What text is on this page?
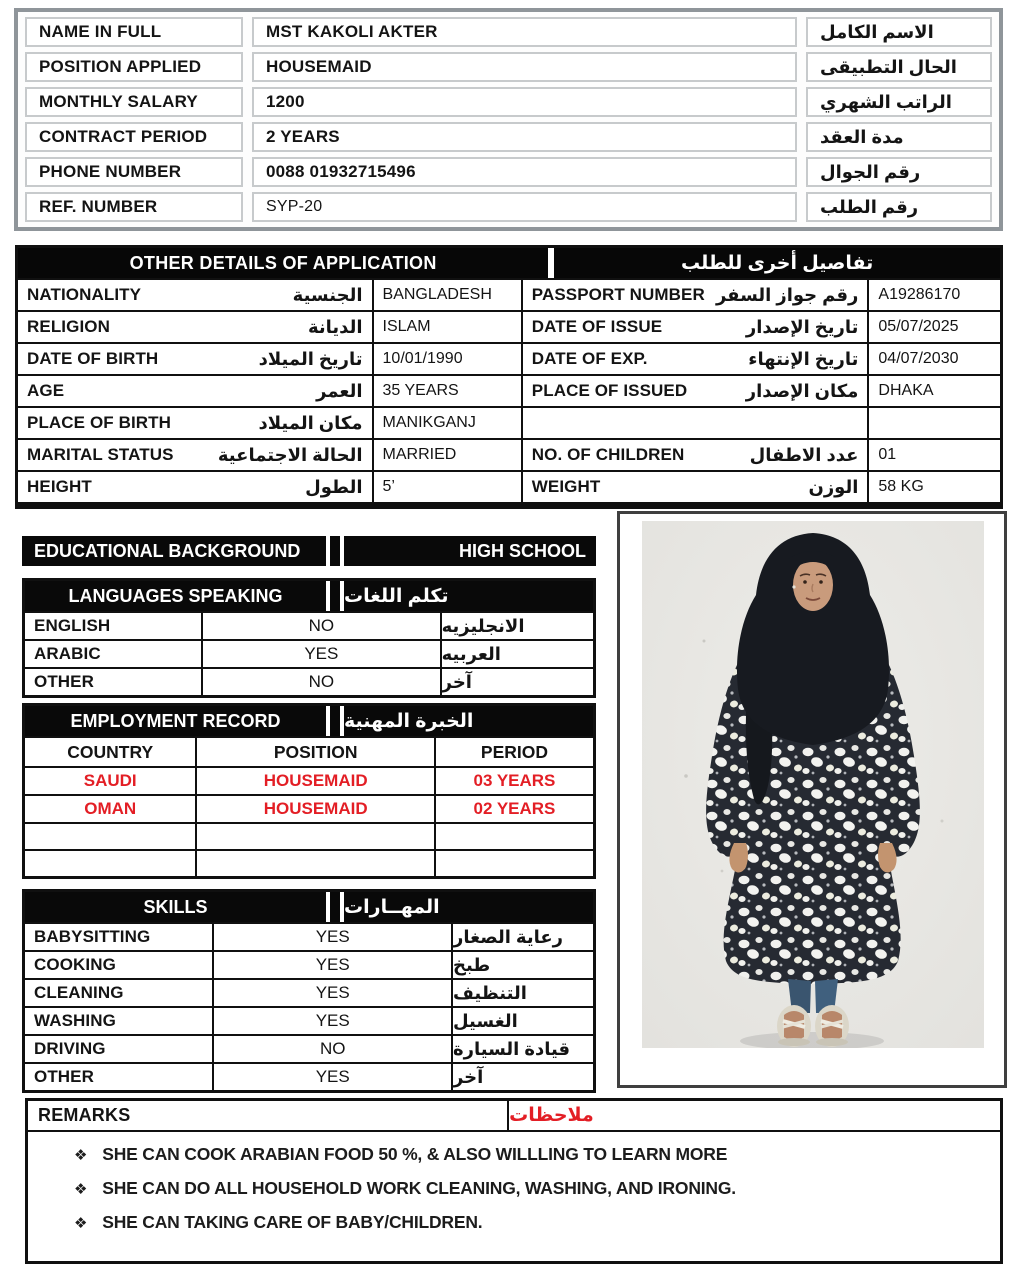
NAME IN FULL	MST KAKOLI AKTER	الاسم الكامل
POSITION APPLIED	HOUSEMAID	الحال التطبيقى
MONTHLY SALARY	1200	الراتب الشهري
CONTRACT PERIOD	2 YEARS	مدة العقد
PHONE NUMBER	0088 01932715496	رقم الجوال
REF. NUMBER	SYP-20	رقم الطلب
OTHER DETAILS OF APPLICATION	تفاصيل أخرى للطلب
NATIONALITY	الجنسية	BANGLADESH	PASSPORT NUMBER رقم جواز السفر	A19286170
RELIGION	الديانة	ISLAM	DATE OF ISSUE	تاريخ الإصدار	05/07/2025
DATE OF BIRTH	تاريخ الميلاد	10/01/1990	DATE OF EXP.	تاريخ الإنتهاء	04/07/2030
AGE	العمر	35 YEARS	PLACE OF ISSUED	مكان الإصدار	DHAKA
PLACE OF BIRTH	مكان الميلاد	MANIKGANJ
MARITAL STATUS الحالة الاجتماعية	MARRIED	NO. OF CHILDREN	عدد الاطفال	01
HEIGHT	الطول	5’	WEIGHT	الوزن	58 KG
EDUCATIONAL BACKGROUND	HIGH SCHOOL
LANGUAGES SPEAKING	تكلم اللغات
ENGLISH	NO	الانجليزيه
ARABIC	YES	العربيه
OTHER	NO	آخر
EMPLOYMENT RECORD	الخبرة المهنية
COUNTRY	POSITION	PERIOD
SAUDI	HOUSEMAID	03 YEARS
OMAN	HOUSEMAID	02 YEARS
SKILLS	المهــارات
BABYSITTING	YES	رعاية الصغار
COOKING	YES	طبخ
CLEANING	YES	التنظيف
WASHING	YES	الغسيل
DRIVING	NO	قيادة السيارة
OTHER	YES	آخر
REMARKS	ملاحظات
❖ SHE CAN COOK ARABIAN FOOD 50 %, & ALSO WILLLING TO LEARN MORE
❖ SHE CAN DO ALL HOUSEHOLD WORK CLEANING, WASHING, AND IRONING.
❖ SHE CAN TAKING CARE OF BABY/CHILDREN.
